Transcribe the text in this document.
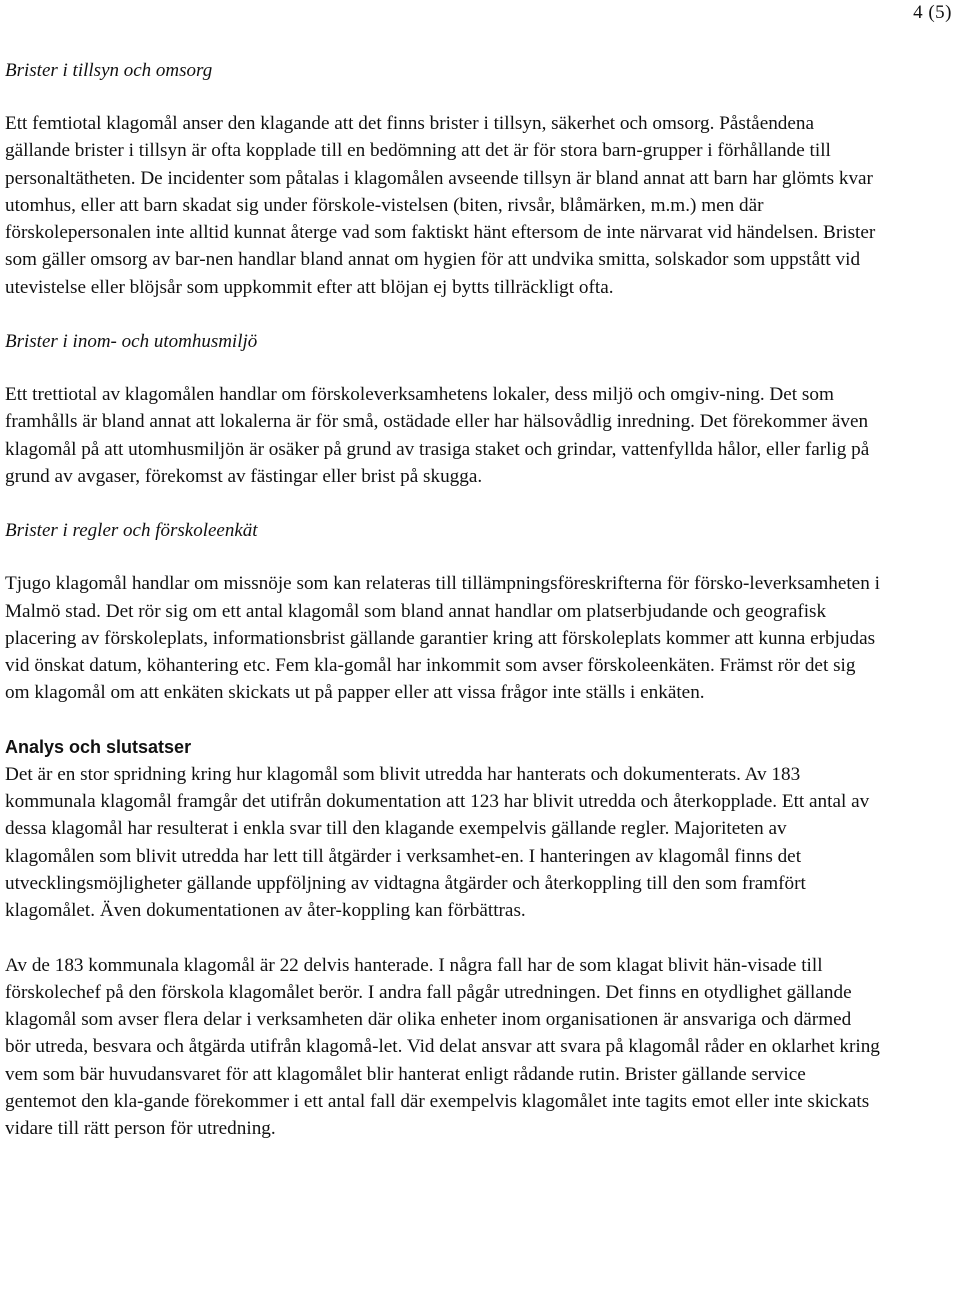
4 (5)

Brister i tillsyn och omsorg

Ett femtiotal klagomål anser den klagande att det finns brister i tillsyn, säkerhet och omsorg. Påståendena gällande brister i tillsyn är ofta kopplade till en bedömning att det är för stora barn-grupper i förhållande till personaltätheten. De incidenter som påtalas i klagomålen avseende tillsyn är bland annat att barn har glömts kvar utomhus, eller att barn skadat sig under förskole-vistelsen (biten, rivsår, blåmärken, m.m.) men där förskolepersonalen inte alltid kunnat återge vad som faktiskt hänt eftersom de inte närvarat vid händelsen. Brister som gäller omsorg av bar-nen handlar bland annat om hygien för att undvika smitta, solskador som uppstått vid utevistelse eller blöjsår som uppkommit efter att blöjan ej bytts tillräckligt ofta.

Brister i inom- och utomhusmiljö

Ett trettiotal av klagomålen handlar om förskoleverksamhetens lokaler, dess miljö och omgiv-ning. Det som framhålls är bland annat att lokalerna är för små, ostädade eller har hälsovådlig inredning. Det förekommer även klagomål på att utomhusmiljön är osäker på grund av trasiga staket och grindar, vattenfyllda hålor, eller farlig på grund av avgaser, förekomst av fästingar eller brist på skugga.

Brister i regler och förskoleenkät

Tjugo klagomål handlar om missnöje som kan relateras till tillämpningsföreskrifterna för försko-leverksamheten i Malmö stad. Det rör sig om ett antal klagomål som bland annat handlar om platserbjudande och geografisk placering av förskoleplats, informationsbrist gällande garantier kring att förskoleplats kommer att kunna erbjudas vid önskat datum, köhantering etc. Fem kla-gomål har inkommit som avser förskoleenkäten. Främst rör det sig om klagomål om att enkäten skickats ut på papper eller att vissa frågor inte ställs i enkäten.

Analys och slutsatser

Det är en stor spridning kring hur klagomål som blivit utredda har hanterats och dokumenterats. Av 183 kommunala klagomål framgår det utifrån dokumentation att 123 har blivit utredda och återkopplade. Ett antal av dessa klagomål har resulterat i enkla svar till den klagande exempelvis gällande regler. Majoriteten av klagomålen som blivit utredda har lett till åtgärder i verksamhet-en. I hanteringen av klagomål finns det utvecklingsmöjligheter gällande uppföljning av vidtagna åtgärder och återkoppling till den som framfört klagomålet. Även dokumentationen av åter-koppling kan förbättras.

Av de 183 kommunala klagomål är 22 delvis hanterade. I några fall har de som klagat blivit hän-visade till förskolechef på den förskola klagomålet berör. I andra fall pågår utredningen. Det finns en otydlighet gällande klagomål som avser flera delar i verksamheten där olika enheter inom organisationen är ansvariga och därmed bör utreda, besvara och åtgärda utifrån klagomå-let. Vid delat ansvar att svara på klagomål råder en oklarhet kring vem som bär huvudansvaret för att klagomålet blir hanterat enligt rådande rutin. Brister gällande service gentemot den kla-gande förekommer i ett antal fall där exempelvis klagomålet inte tagits emot eller inte skickats vidare till rätt person för utredning.
